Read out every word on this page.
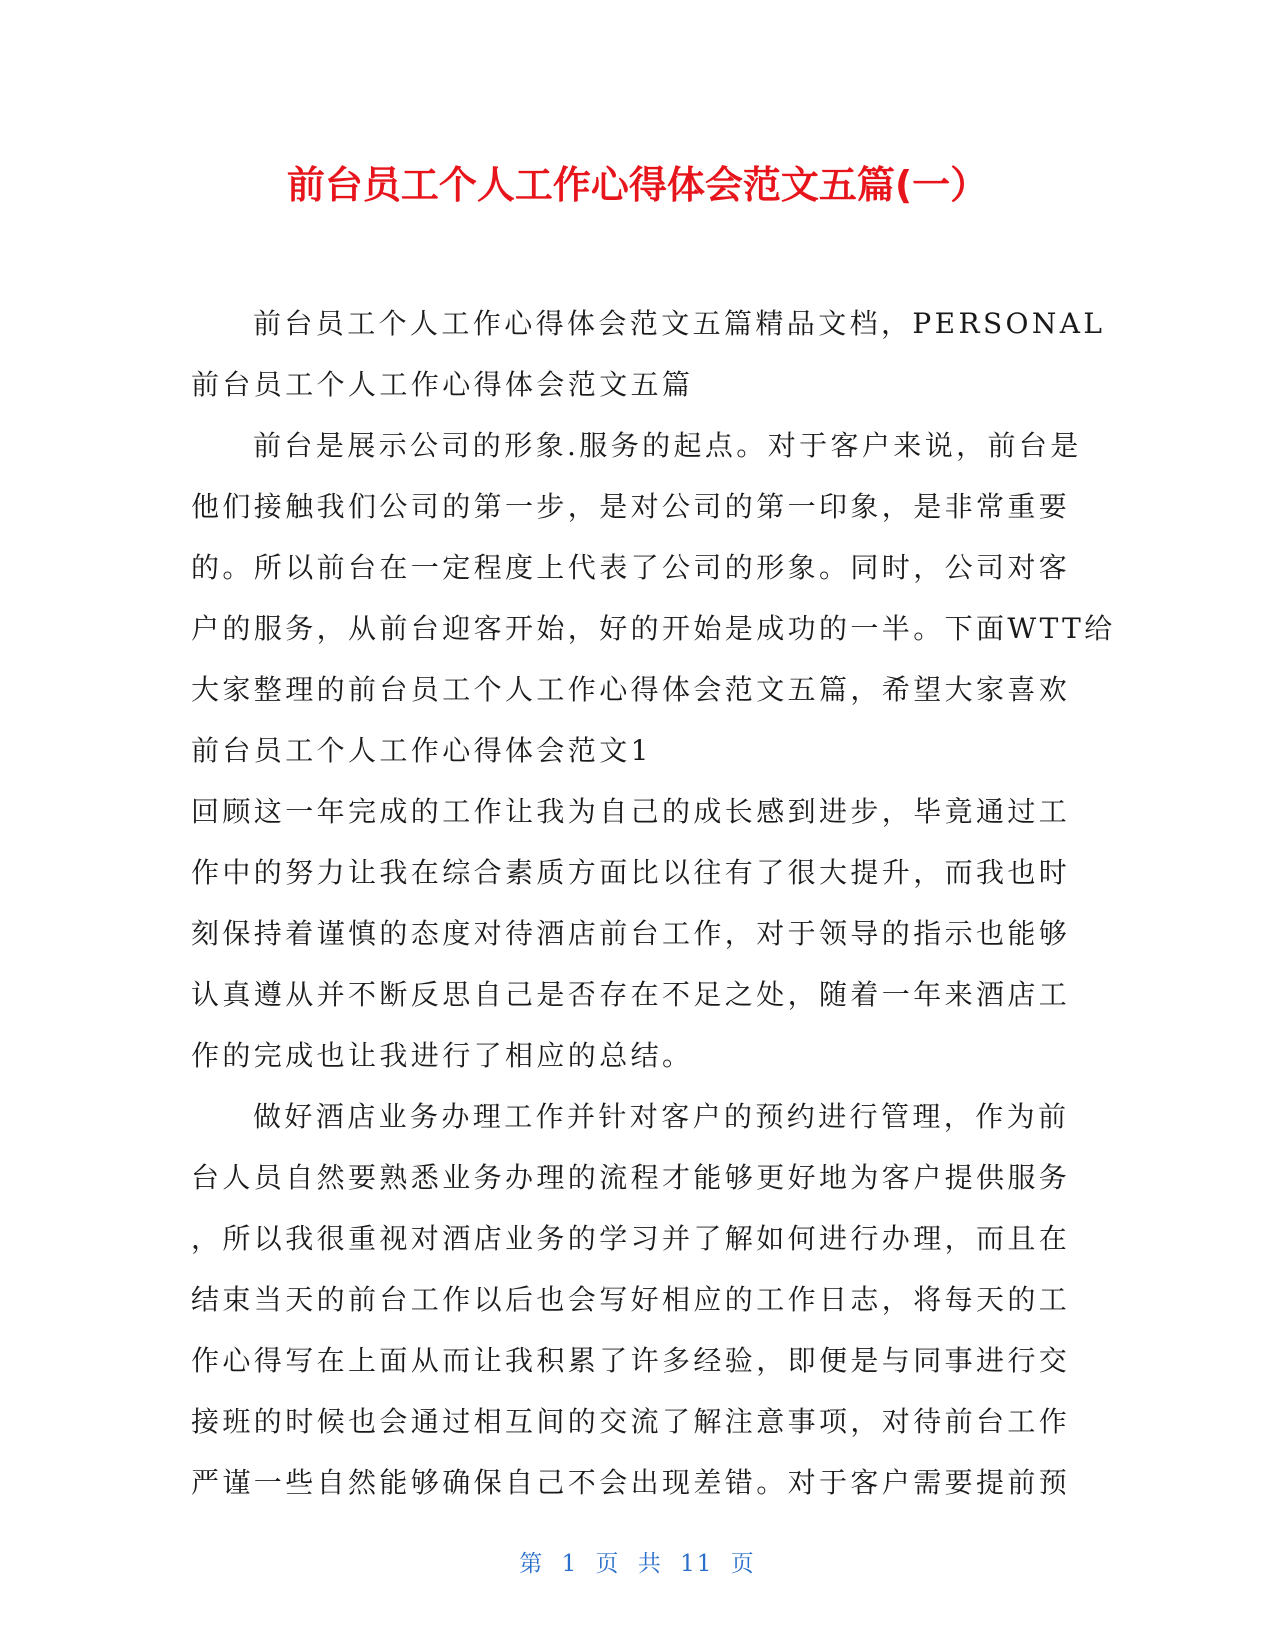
前台员工个人工作心得体会范文五篇(一）
前台员工个人工作心得体会范文五篇精品文档，PERSONAL
前台员工个人工作心得体会范文五篇
前台是展示公司的形象.服务的起点。对于客户来说，前台是
他们接触我们公司的第一步，是对公司的第一印象，是非常重要
的。所以前台在一定程度上代表了公司的形象。同时，公司对客
户的服务，从前台迎客开始，好的开始是成功的一半。下面WTT给
大家整理的前台员工个人工作心得体会范文五篇，希望大家喜欢
前台员工个人工作心得体会范文1
回顾这一年完成的工作让我为自己的成长感到进步，毕竟通过工
作中的努力让我在综合素质方面比以往有了很大提升，而我也时
刻保持着谨慎的态度对待酒店前台工作，对于领导的指示也能够
认真遵从并不断反思自己是否存在不足之处，随着一年来酒店工
作的完成也让我进行了相应的总结。
做好酒店业务办理工作并针对客户的预约进行管理，作为前
台人员自然要熟悉业务办理的流程才能够更好地为客户提供服务
，所以我很重视对酒店业务的学习并了解如何进行办理，而且在
结束当天的前台工作以后也会写好相应的工作日志，将每天的工
作心得写在上面从而让我积累了许多经验，即便是与同事进行交
接班的时候也会通过相互间的交流了解注意事项，对待前台工作
严谨一些自然能够确保自己不会出现差错。对于客户需要提前预
第 1 页 共 11 页
